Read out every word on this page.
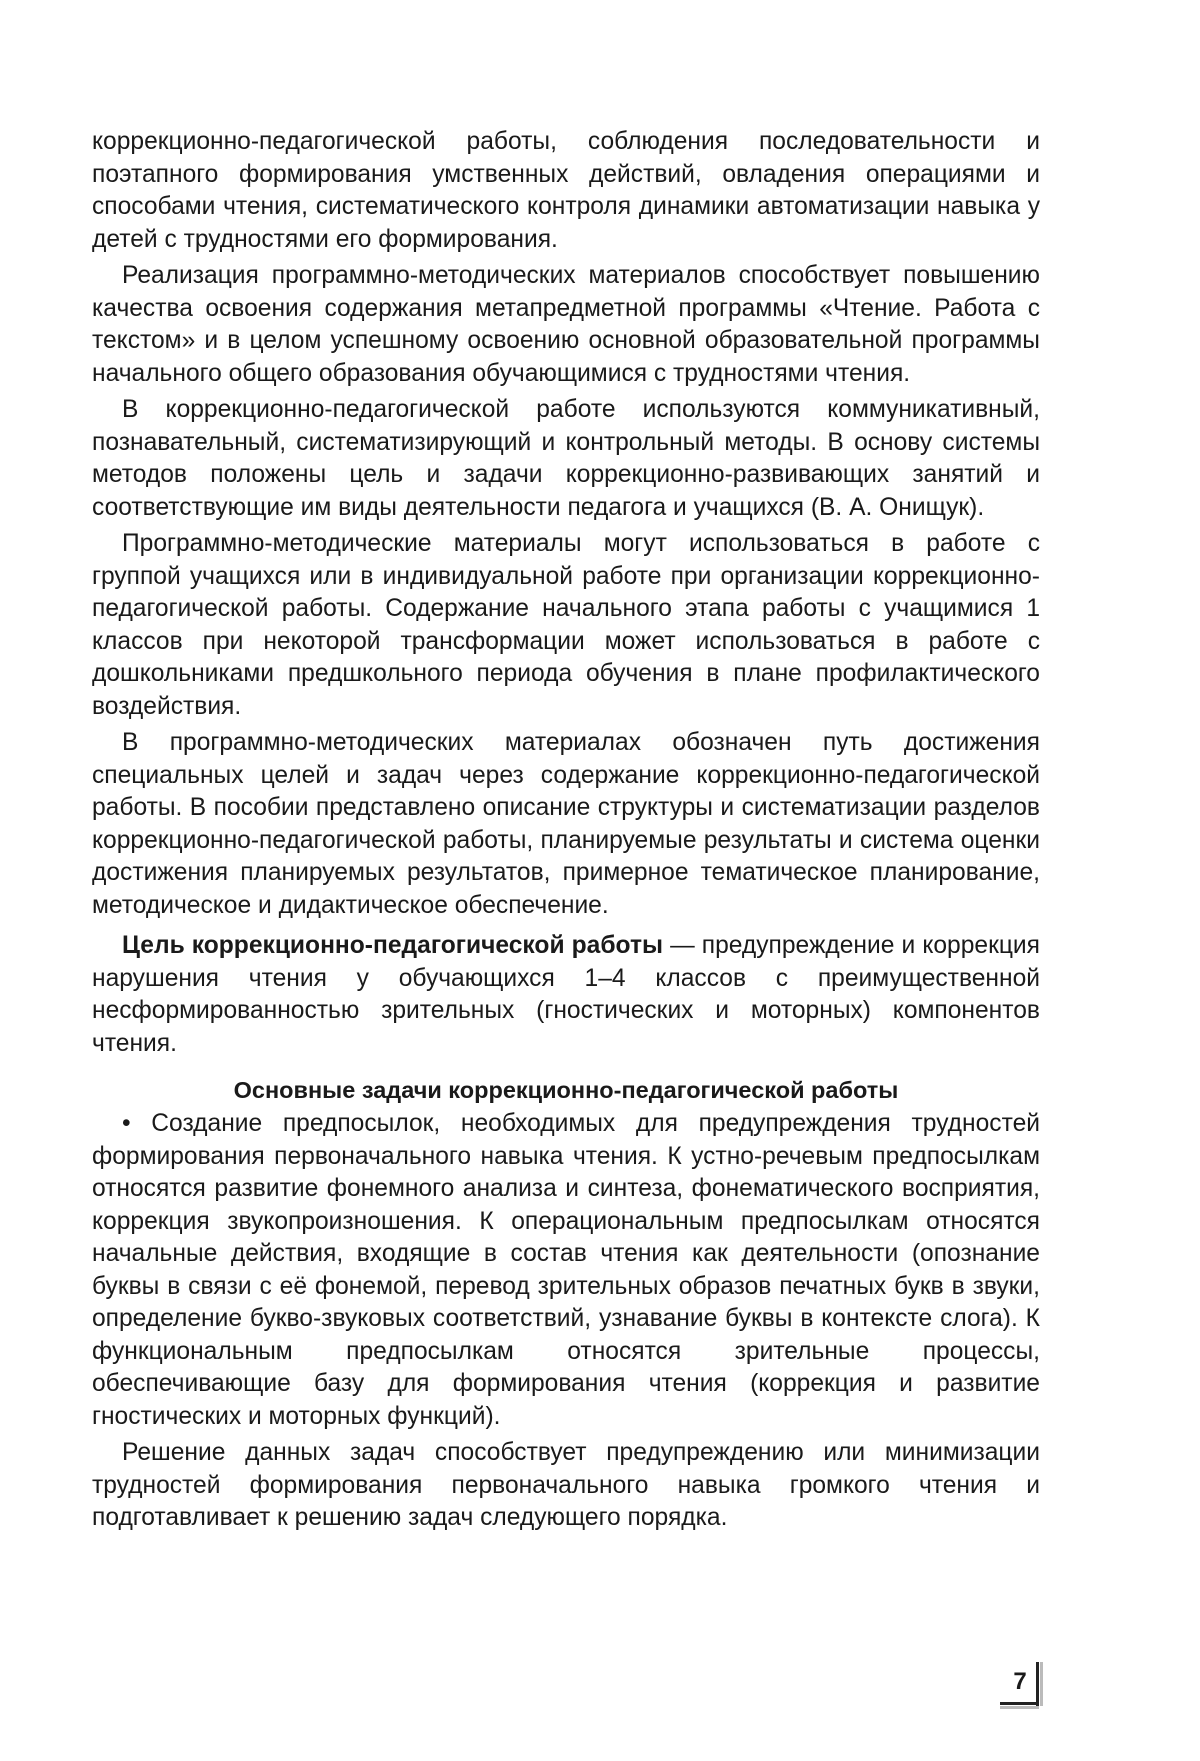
коррекционно-педагогической работы, соблюдения последовательности и поэтапного формирования умственных действий, овладения операциями и способами чтения, систематического контроля динамики автоматизации навыка у детей с трудностями его формирования.

Реализация программно-методических материалов способствует повышению качества освоения содержания метапредметной программы «Чтение. Работа с текстом» и в целом успешному освоению основной образовательной программы начального общего образования обучающимися с трудностями чтения.

В коррекционно-педагогической работе используются коммуникативный, познавательный, систематизирующий и контрольный методы. В основу системы методов положены цель и задачи коррекционно-развивающих занятий и соответствующие им виды деятельности педагога и учащихся (В. А. Онищук).

Программно-методические материалы могут использоваться в работе с группой учащихся или в индивидуальной работе при организации коррекционно-педагогической работы. Содержание начального этапа работы с учащимися 1 классов при некоторой трансформации может использоваться в работе с дошкольниками предшкольного периода обучения в плане профилактического воздействия.

В программно-методических материалах обозначен путь достижения специальных целей и задач через содержание коррекционно-педагогической работы. В пособии представлено описание структуры и систематизации разделов коррекционно-педагогической работы, планируемые результаты и система оценки достижения планируемых результатов, примерное тематическое планирование, методическое и дидактическое обеспечение.

Цель коррекционно-педагогической работы — предупреждение и коррекция нарушения чтения у обучающихся 1–4 классов с преимущественной несформированностью зрительных (гностических и моторных) компонентов чтения.

Основные задачи коррекционно-педагогической работы

• Создание предпосылок, необходимых для предупреждения трудностей формирования первоначального навыка чтения. К устно-речевым предпосылкам относятся развитие фонемного анализа и синтеза, фонематического восприятия, коррекция звукопроизношения. К операциональным предпосылкам относятся начальные действия, входящие в состав чтения как деятельности (опознание буквы в связи с её фонемой, перевод зрительных образов печатных букв в звуки, определение букво-звуковых соответствий, узнавание буквы в контексте слога). К функциональным предпосылкам относятся зрительные процессы, обеспечивающие базу для формирования чтения (коррекция и развитие гностических и моторных функций).

Решение данных задач способствует предупреждению или минимизации трудностей формирования первоначального навыка громкого чтения и подготавливает к решению задач следующего порядка.

7
